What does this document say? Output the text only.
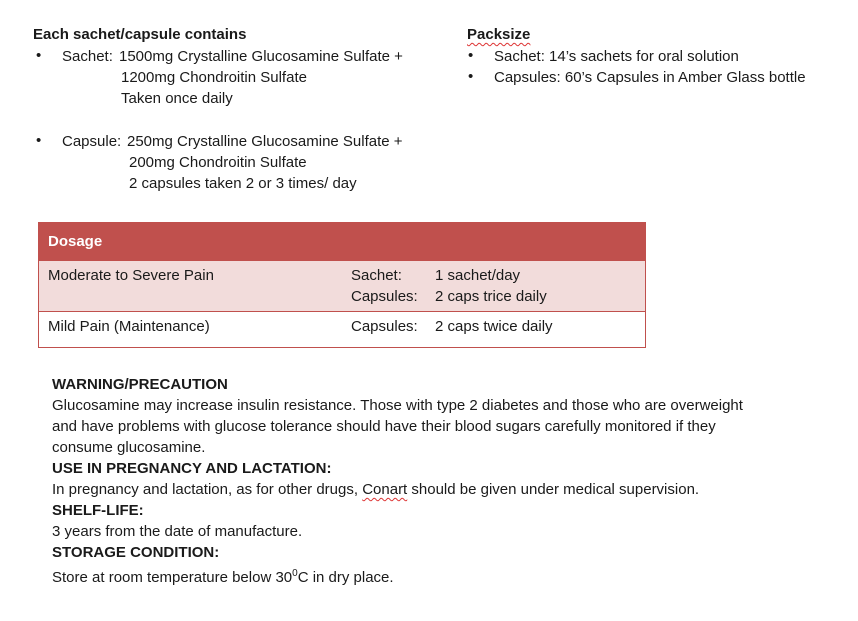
Each sachet/capsule contains
• Sachet: 1500mg Crystalline Glucosamine Sulfate +
1200mg Chondroitin Sulfate
Taken once daily
• Capsule: 250mg Crystalline Glucosamine Sulfate +
200mg Chondroitin Sulfate
2 capsules taken 2 or 3 times/ day
Packsize
• Sachet: 14’s sachets for oral solution
• Capsules: 60’s Capsules in Amber Glass bottle
Dosage
Moderate to Severe Pain	Sachet: 1 sachet/day
Capsules: 2 caps trice daily
Mild Pain (Maintenance)	Capsules: 2 caps twice daily
WARNING/PRECAUTION
Glucosamine may increase insulin resistance. Those with type 2 diabetes and those who are overweight
and have problems with glucose tolerance should have their blood sugars carefully monitored if they
consume glucosamine.
USE IN PREGNANCY AND LACTATION:
In pregnancy and lactation, as for other drugs, Conart should be given under medical supervision.
SHELF-LIFE:
3 years from the date of manufacture.
STORAGE CONDITION:
Store at room temperature below $30^0C$ in dry place.
